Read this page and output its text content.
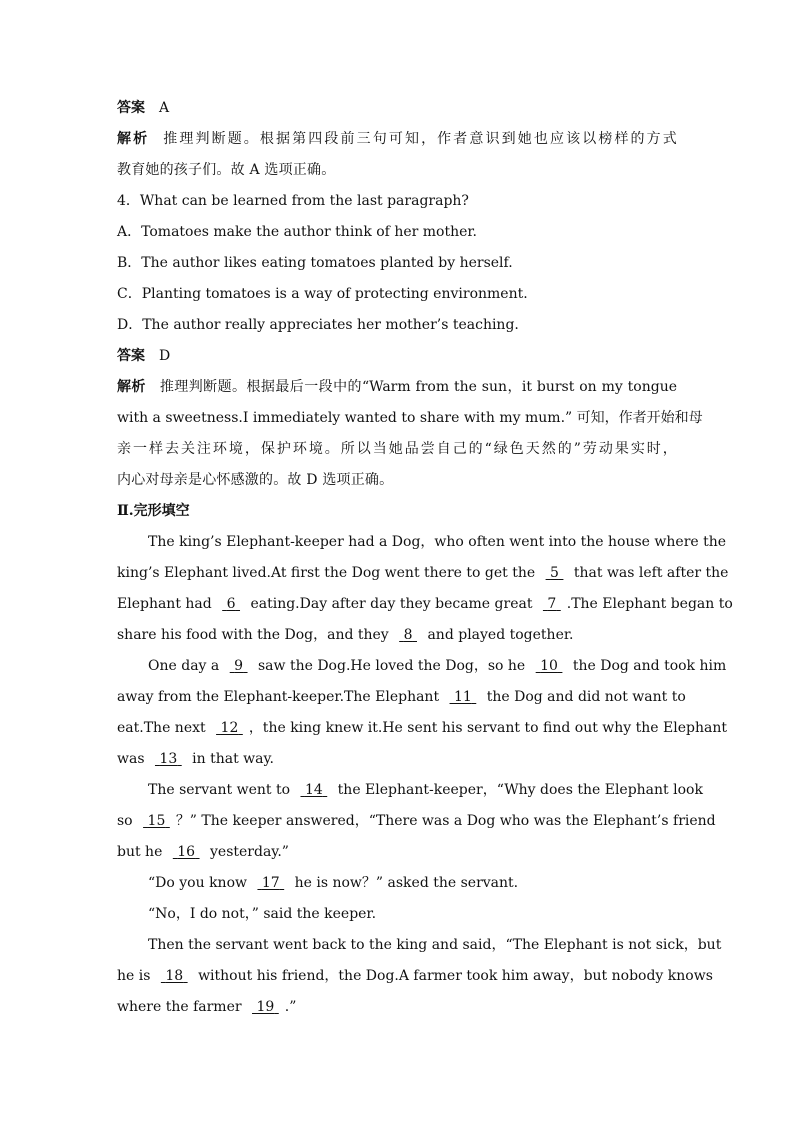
答案 A
解析 推理判断题。根据第四段前三句可知，作者意识到她也应该以榜样的方式
教育她的孩子们。故 A 选项正确。
4．What can be learned from the last paragraph?
A．Tomatoes make the author think of her mother.
B．The author likes eating tomatoes planted by herself.
C．Planting tomatoes is a way of protecting environment.
D．The author really appreciates her mother’s teaching.
答案 D
解析 推理判断题。根据最后一段中的“Warm from the sun，it burst on my tongue
with a sweetness.I immediately wanted to share with my mum.” 可知，作者开始和母
亲一样去关注环境，保护环境。所以当她品尝自己的“绿色天然的”劳动果实时，
内心对母亲是心怀感激的。故 D 选项正确。
Ⅱ.完形填空
The king’s Elephant-keeper had a Dog，who often went into the house where the
king’s Elephant lived.At first the Dog went there to get the 5 that was left after the
Elephant had 6 eating.Day after day they became great 7 .The Elephant began to
share his food with the Dog，and they 8 and played together.
One day a 9 saw the Dog.He loved the Dog，so he 10 the Dog and took him
away from the Elephant-keeper.The Elephant 11 the Dog and did not want to
eat.The next 12 ，the king knew it.He sent his servant to find out why the Elephant
was 13 in that way.
The servant went to 14 the Elephant-keeper，“Why does the Elephant look
so 15 ？” The keeper answered，“There was a Dog who was the Elephant’s friend
but he 16 yesterday.”
“Do you know 17 he is now？” asked the servant.
“No，I do not，” said the keeper.
Then the servant went back to the king and said，“The Elephant is not sick，but
he is 18 without his friend，the Dog.A farmer took him away，but nobody knows
where the farmer 19 .”
